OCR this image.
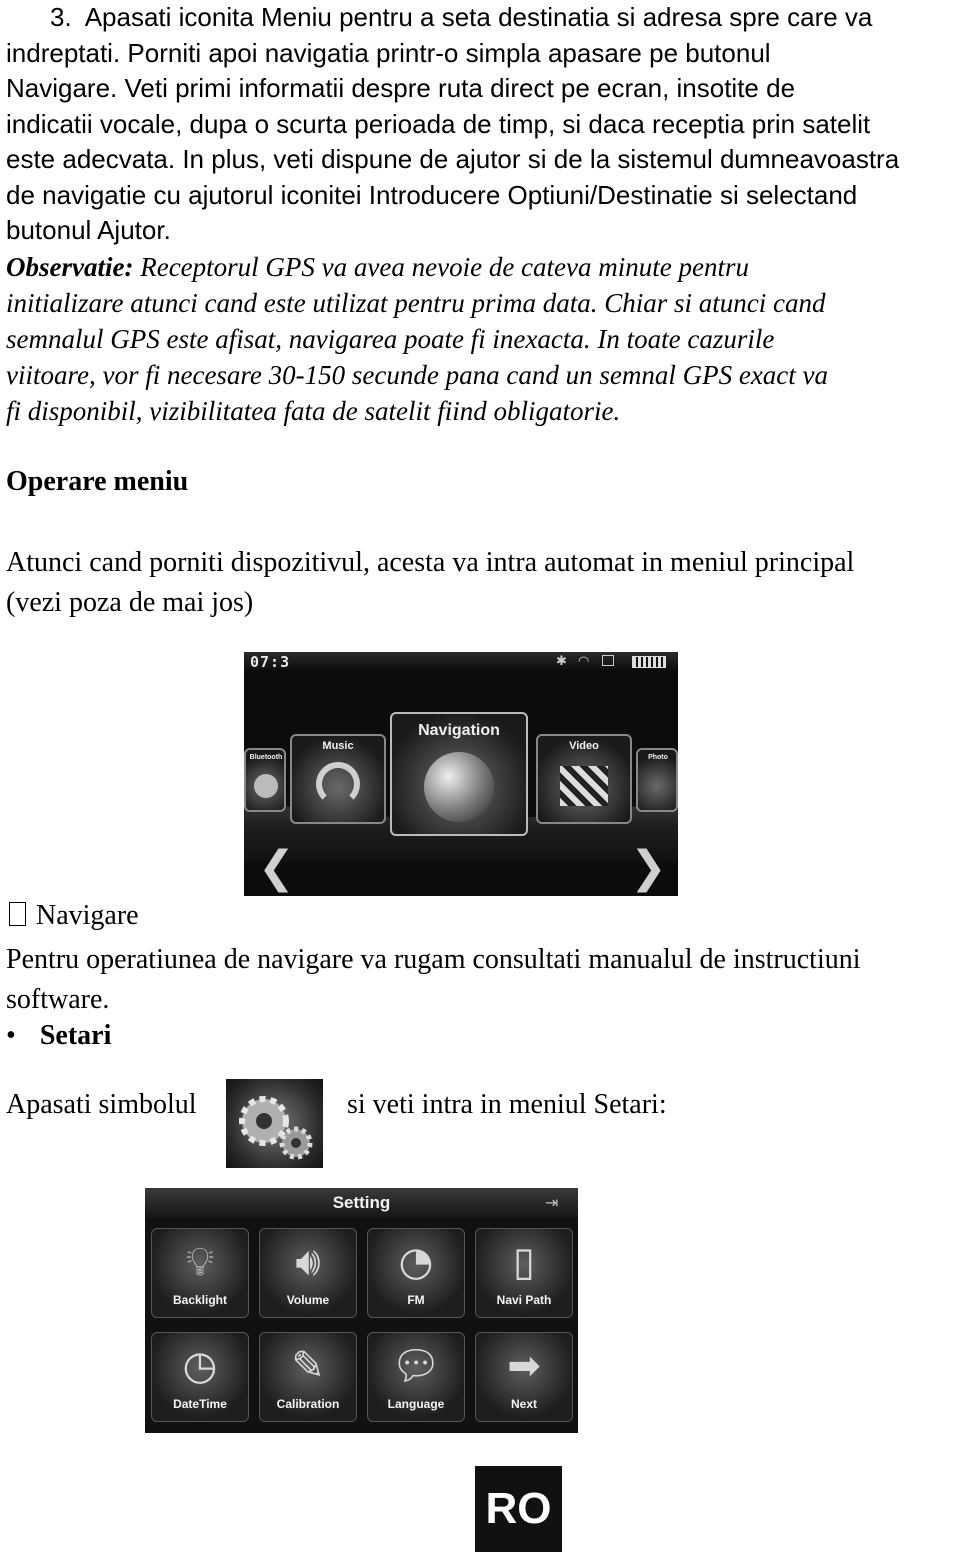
3. Apasati iconita Meniu pentru a seta destinatia si adresa spre care va
indreptati. Porniti apoi navigatia printr-o simpla apasare pe butonul
Navigare. Veti primi informatii despre ruta direct pe ecran, insotite de
indicatii vocale, dupa o scurta perioada de timp, si daca receptia prin satelit
este adecvata. In plus, veti dispune de ajutor si de la sistemul dumneavoastra
de navigatie cu ajutorul iconitei Introducere Optiuni/Destinatie si selectand
butonul Ajutor.
Observatie: Receptorul GPS va avea nevoie de cateva minute pentru
initializare atunci cand este utilizat pentru prima data. Chiar si atunci cand
semnalul GPS este afisat, navigarea poate fi inexacta. In toate cazurile
viitoare, vor fi necesare 30-150 secunde pana cand un semnal GPS exact va
fi disponibil, vizibilitatea fata de satelit fiind obligatorie.
Operare meniu
Atunci cand porniti dispozitivul, acesta va intra automat in meniul principal
(vezi poza de mai jos)
07:3	✱ ◠
Bluetooth
Music
Navigation
Video
Photo
❮	❯
Navigare
Pentru operatiunea de navigare va rugam consultati manualul de instructiuni
software.
• Setari
Apasati simbolul	si veti intra in meniul Setari:
Setting	⇥
💡︎
Backlight
🔊︎
Volume
◔
FM
▯
Navi Path
◷
DateTime
✎
Calibration
💬︎
Language
➡︎
Next
RO
